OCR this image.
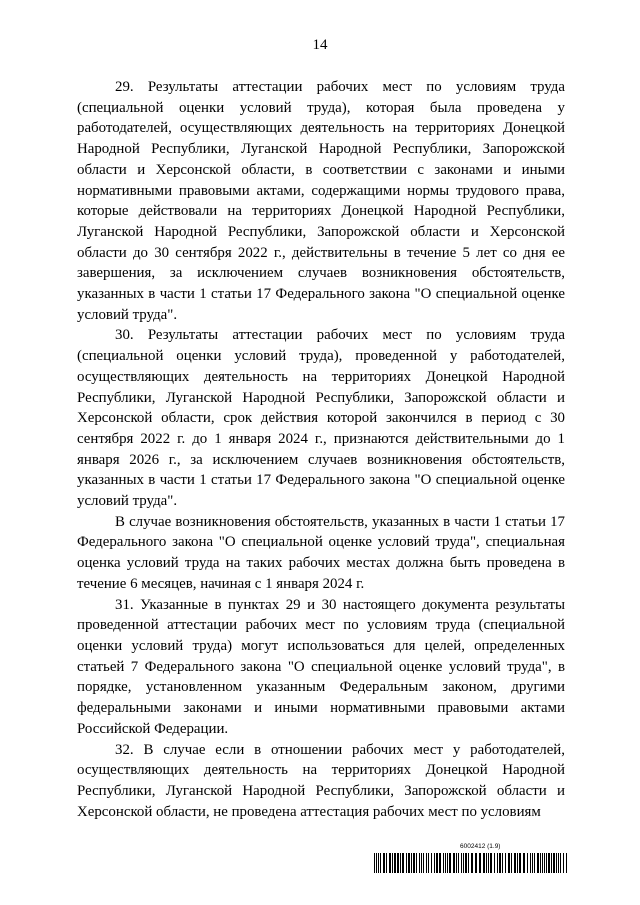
14

29. Результаты аттестации рабочих мест по условиям труда (специальной оценки условий труда), которая была проведена у работодателей, осуществляющих деятельность на территориях Донецкой Народной Республики, Луганской Народной Республики, Запорожской области и Херсонской области, в соответствии с законами и иными нормативными правовыми актами, содержащими нормы трудового права, которые действовали на территориях Донецкой Народной Республики, Луганской Народной Республики, Запорожской области и Херсонской области до 30 сентября 2022 г., действительны в течение 5 лет со дня ее завершения, за исключением случаев возникновения обстоятельств, указанных в части 1 статьи 17 Федерального закона "О специальной оценке условий труда".

30. Результаты аттестации рабочих мест по условиям труда (специальной оценки условий труда), проведенной у работодателей, осуществляющих деятельность на территориях Донецкой Народной Республики, Луганской Народной Республики, Запорожской области и Херсонской области, срок действия которой закончился в период с 30 сентября 2022 г. до 1 января 2024 г., признаются действительными до 1 января 2026 г., за исключением случаев возникновения обстоятельств, указанных в части 1 статьи 17 Федерального закона "О специальной оценке условий труда".

В случае возникновения обстоятельств, указанных в части 1 статьи 17 Федерального закона "О специальной оценке условий труда", специальная оценка условий труда на таких рабочих местах должна быть проведена в течение 6 месяцев, начиная с 1 января 2024 г.

31. Указанные в пунктах 29 и 30 настоящего документа результаты проведенной аттестации рабочих мест по условиям труда (специальной оценки условий труда) могут использоваться для целей, определенных статьей 7 Федерального закона "О специальной оценке условий труда", в порядке, установленном указанным Федеральным законом, другими федеральными законами и иными нормативными правовыми актами Российской Федерации.

32. В случае если в отношении рабочих мест у работодателей, осуществляющих деятельность на территориях Донецкой Народной Республики, Луганской Народной Республики, Запорожской области и Херсонской области, не проведена аттестация рабочих мест по условиям

6002412 (1.9)
